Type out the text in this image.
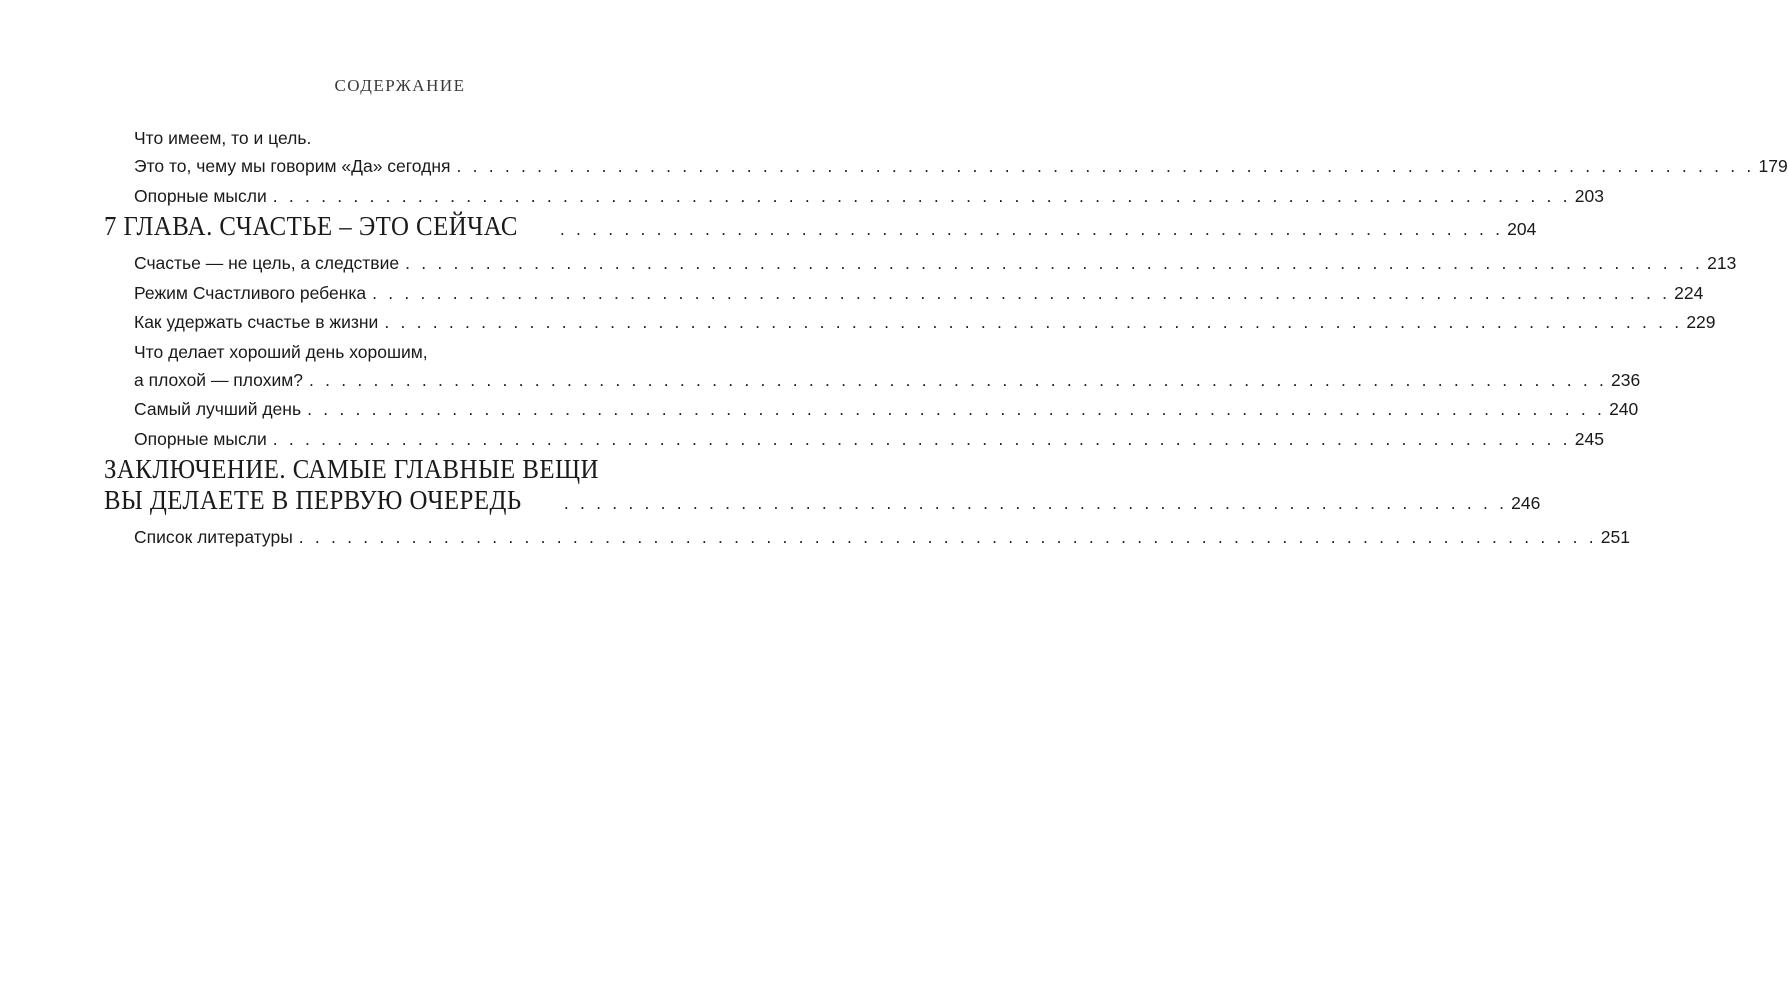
СОДЕРЖАНИЕ
Что имеем, то и цель.
Это то, чему мы говорим «Да» сегодня . . . . . . . . . . . . . . . . . . . . . . . . . . . . . . . . . . . . . . . . . . . . . . . . . . . . . . . . . . . . . . . . . . . . . . . . . . . . . . . . . 179
Опорные мысли . . . . . . . . . . . . . . . . . . . . . . . . . . . . . . . . . . . . . . . . . . . . . . . . . . . . . . . . . . . . . . . . . . . . . . . . . . . . . . . . . 203
7 ГЛАВА. СЧАСТЬЕ – ЭТО СЕЙЧАС . . . . . . . . . . . . . . . . . . . . . . . . . . . . . . . . . . . . . . . . . . . . . . . . . . . . . . . . . . . 204
Счастье — не цель, а следствие . . . . . . . . . . . . . . . . . . . . . . . . . . . . . . . . . . . . . . . . . . . . . . . . . . . . . . . . . . . . . . . . . . . . . . . . . . . . . . . . . 213
Режим Счастливого ребенка . . . . . . . . . . . . . . . . . . . . . . . . . . . . . . . . . . . . . . . . . . . . . . . . . . . . . . . . . . . . . . . . . . . . . . . . . . . . . . . . . 224
Как удержать счастье в жизни . . . . . . . . . . . . . . . . . . . . . . . . . . . . . . . . . . . . . . . . . . . . . . . . . . . . . . . . . . . . . . . . . . . . . . . . . . . . . . . . . 229
Что делает хороший день хорошим,
а плохой — плохим? . . . . . . . . . . . . . . . . . . . . . . . . . . . . . . . . . . . . . . . . . . . . . . . . . . . . . . . . . . . . . . . . . . . . . . . . . . . . . . . . . 236
Самый лучший день . . . . . . . . . . . . . . . . . . . . . . . . . . . . . . . . . . . . . . . . . . . . . . . . . . . . . . . . . . . . . . . . . . . . . . . . . . . . . . . . . 240
Опорные мысли . . . . . . . . . . . . . . . . . . . . . . . . . . . . . . . . . . . . . . . . . . . . . . . . . . . . . . . . . . . . . . . . . . . . . . . . . . . . . . . . . 245
ЗАКЛЮЧЕНИЕ. САМЫЕ ГЛАВНЫЕ ВЕЩИ
ВЫ ДЕЛАЕТЕ В ПЕРВУЮ ОЧЕРЕДЬ . . . . . . . . . . . . . . . . . . . . . . . . . . . . . . . . . . . . . . . . . . . . . . . . . . . . . . . . . . . 246
Список литературы . . . . . . . . . . . . . . . . . . . . . . . . . . . . . . . . . . . . . . . . . . . . . . . . . . . . . . . . . . . . . . . . . . . . . . . . . . . . . . . . . 251
